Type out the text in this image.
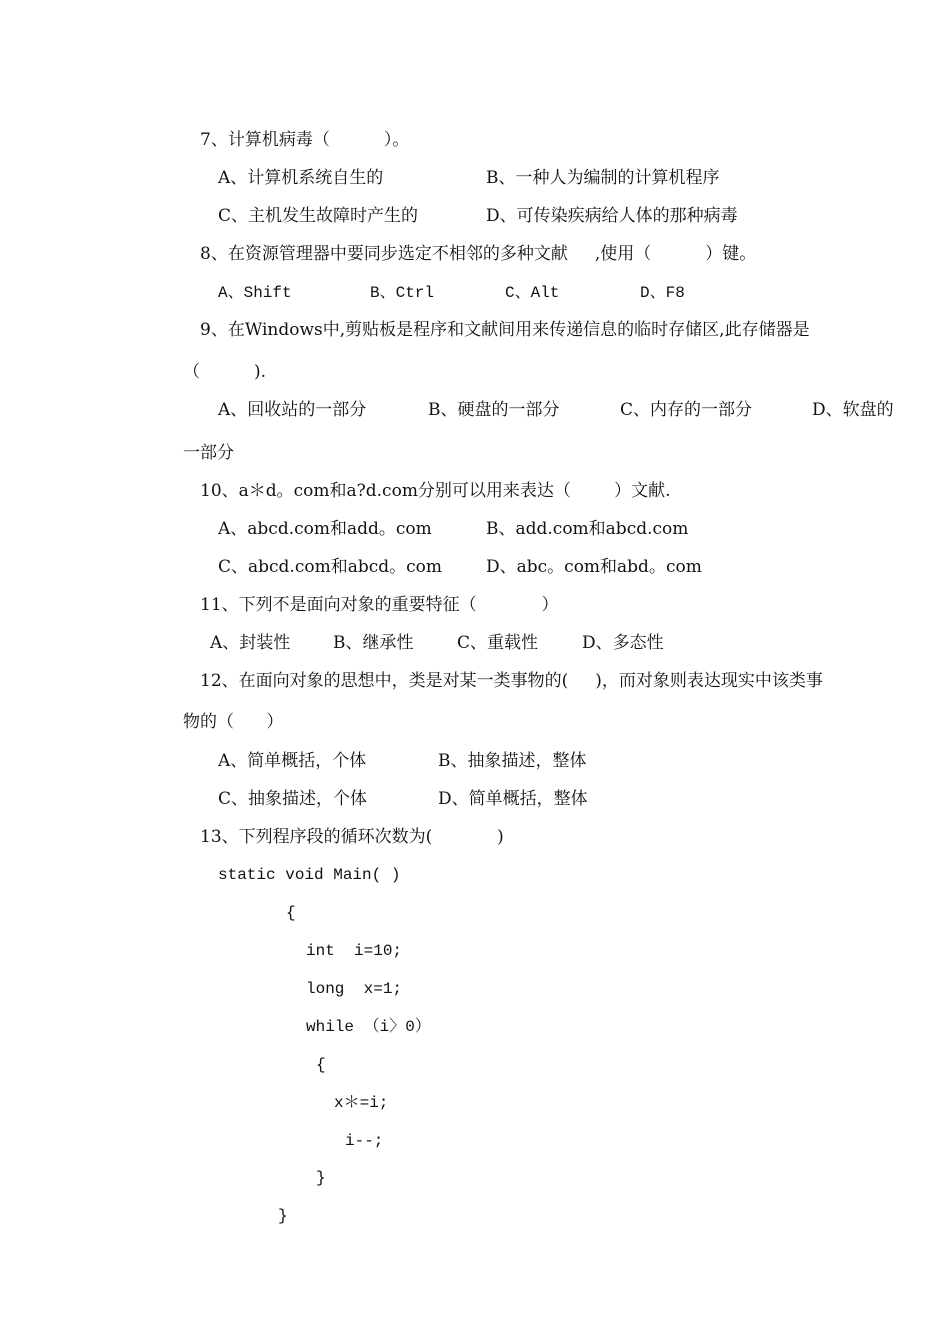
7、计算机病毒（          ）。
A、计算机系统自生的	B、一种人为编制的计算机程序
C、主机发生故障时产生的	D、可传染疾病给人体的那种病毒
8、在资源管理器中要同步选定不相邻的多种文献     ,使用（          ）键。
A、Shift	B、Ctrl	C、Alt	D、F8
9、在Windows中,剪贴板是程序和文献间用来传递信息的临时存储区,此存储器是
（          ).
A、回收站的一部分	B、硬盘的一部分	C、内存的一部分	D、软盘的
一部分
10、a＊d。com和a?d.com分别可以用来表达（        ）文献.
A、abcd.com和add。com	B、add.com和abcd.com
C、abcd.com和abcd。com	D、abc。com和abd。com
11、下列不是面向对象的重要特征（            ）
A、封装性	B、继承性	C、重载性	D、多态性
12、在面向对象的思想中，类是对某一类事物的(     )，而对象则表达现实中该类事
物的（      ）
A、简单概括，个体	B、抽象描述，整体
C、抽象描述，个体	D、简单概括，整体
13、下列程序段的循环次数为(            )
static void Main( )
{
int  i=10;
long  x=1;
while （i〉0）
{
x＊=i;
i--;
}
}
